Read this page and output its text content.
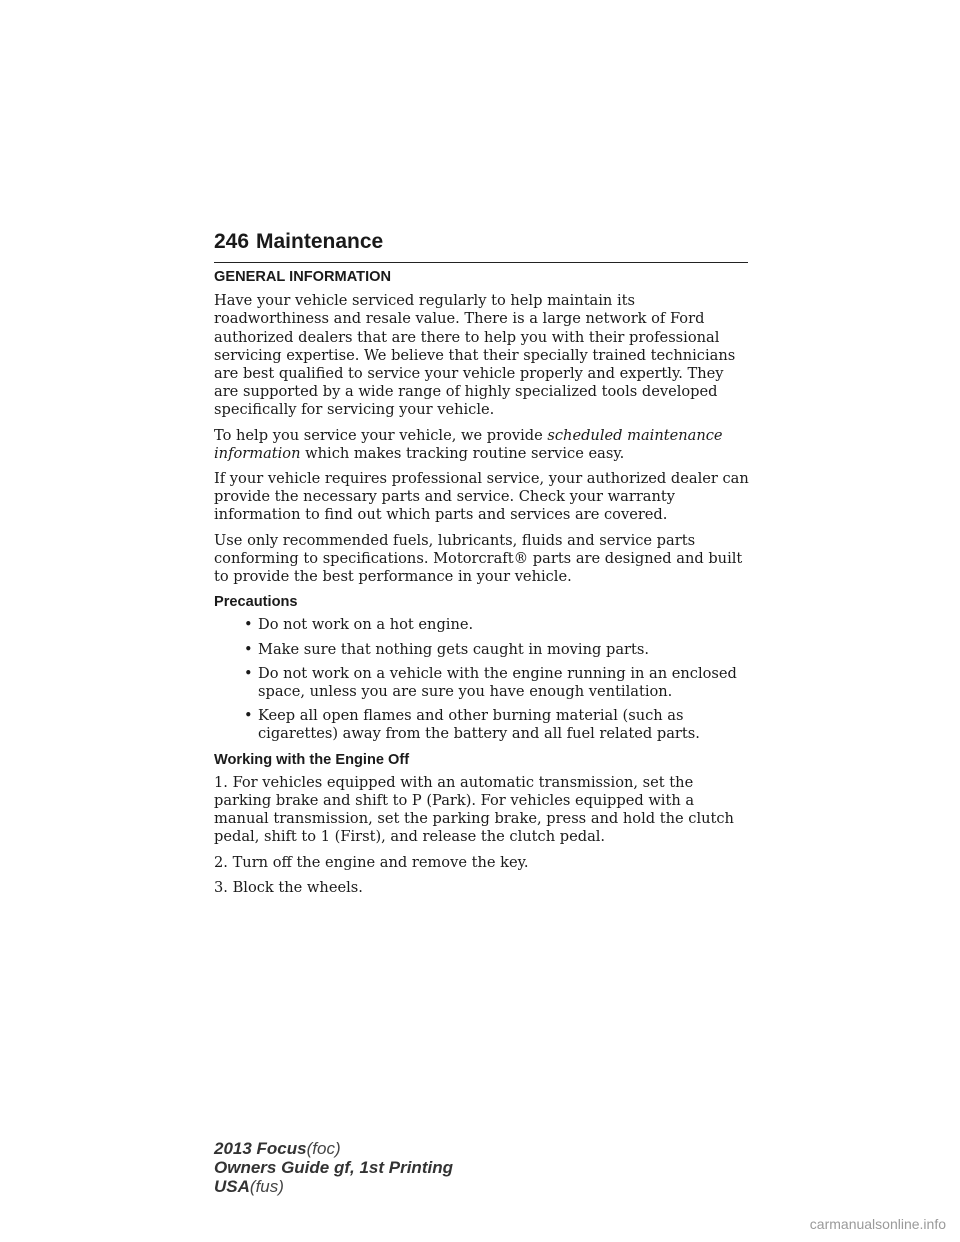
246 Maintenance
GENERAL INFORMATION

Have your vehicle serviced regularly to help maintain its roadworthiness and resale value. There is a large network of Ford authorized dealers that are there to help you with their professional servicing expertise. We believe that their specially trained technicians are best qualified to service your vehicle properly and expertly. They are supported by a wide range of highly specialized tools developed specifically for servicing your vehicle.

To help you service your vehicle, we provide scheduled maintenance information which makes tracking routine service easy.

If your vehicle requires professional service, your authorized dealer can provide the necessary parts and service. Check your warranty information to find out which parts and services are covered.

Use only recommended fuels, lubricants, fluids and service parts conforming to specifications. Motorcraft® parts are designed and built to provide the best performance in your vehicle.

Precautions
• Do not work on a hot engine.
• Make sure that nothing gets caught in moving parts.
• Do not work on a vehicle with the engine running in an enclosed space, unless you are sure you have enough ventilation.
• Keep all open flames and other burning material (such as cigarettes) away from the battery and all fuel related parts.
Working with the Engine Off

1. For vehicles equipped with an automatic transmission, set the parking brake and shift to P (Park). For vehicles equipped with a manual transmission, set the parking brake, press and hold the clutch pedal, shift to 1 (First), and release the clutch pedal.

2. Turn off the engine and remove the key.

3. Block the wheels.

2013 Focus(foc)
Owners Guide gf, 1st Printing
USA(fus)
carmanualsonline.info
